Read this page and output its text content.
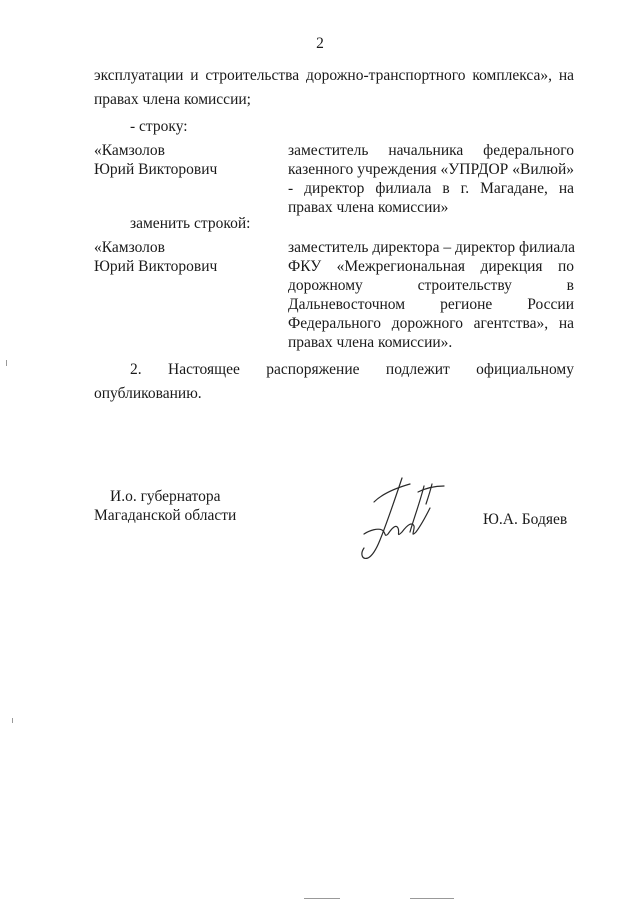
2
эксплуатации и строительства дорожно-транспортного комплекса», на
правах члена комиссии;
- строку:
«Камзолов
Юрий Викторович
заместитель начальника федерального
казенного учреждения «УПРДОР «Вилюй»
- директор филиала в г. Магадане, на
правах члена комиссии»
заменить строкой:
«Камзолов
Юрий Викторович
заместитель директора – директор филиала
ФКУ «Межрегиональная дирекция по
дорожному строительству в
Дальневосточном регионе России
Федерального дорожного агентства», на
правах члена комиссии».
2. Настоящее распоряжение подлежит официальному
опубликованию.
И.о. губернатора
Магаданской области	Ю.А. Бодяев
